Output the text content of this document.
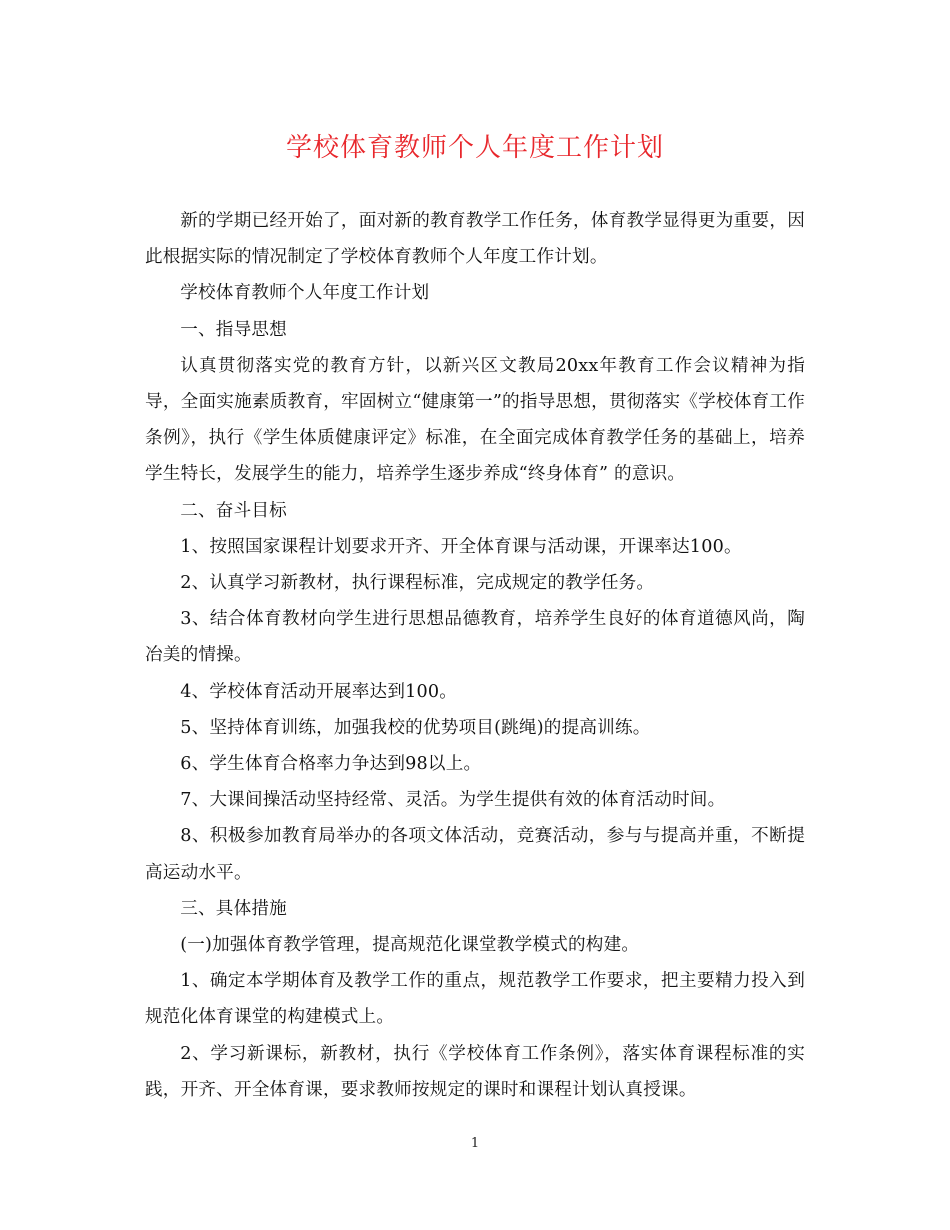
学校体育教师个人年度工作计划

新的学期已经开始了，面对新的教育教学工作任务，体育教学显得更为重要，因此根据实际的情况制定了学校体育教师个人年度工作计划。

学校体育教师个人年度工作计划

一、指导思想

认真贯彻落实党的教育方针，以新兴区文教局20xx年教育工作会议精神为指导，全面实施素质教育，牢固树立“健康第一”的指导思想，贯彻落实《学校体育工作条例》，执行《学生体质健康评定》标准，在全面完成体育教学任务的基础上，培养学生特长，发展学生的能力，培养学生逐步养成“终身体育” 的意识。

二、奋斗目标

1、按照国家课程计划要求开齐、开全体育课与活动课，开课率达100。

2、认真学习新教材，执行课程标准，完成规定的教学任务。

3、结合体育教材向学生进行思想品德教育，培养学生良好的体育道德风尚，陶冶美的情操。

4、学校体育活动开展率达到100。

5、坚持体育训练，加强我校的优势项目(跳绳)的提高训练。

6、学生体育合格率力争达到98以上。

7、大课间操活动坚持经常、灵活。为学生提供有效的体育活动时间。

8、积极参加教育局举办的各项文体活动，竞赛活动，参与与提高并重，不断提高运动水平。

三、具体措施

(一)加强体育教学管理，提高规范化课堂教学模式的构建。

1、确定本学期体育及教学工作的重点，规范教学工作要求，把主要精力投入到规范化体育课堂的构建模式上。

2、学习新课标，新教材，执行《学校体育工作条例》，落实体育课程标准的实践，开齐、开全体育课，要求教师按规定的课时和课程计划认真授课。

1
